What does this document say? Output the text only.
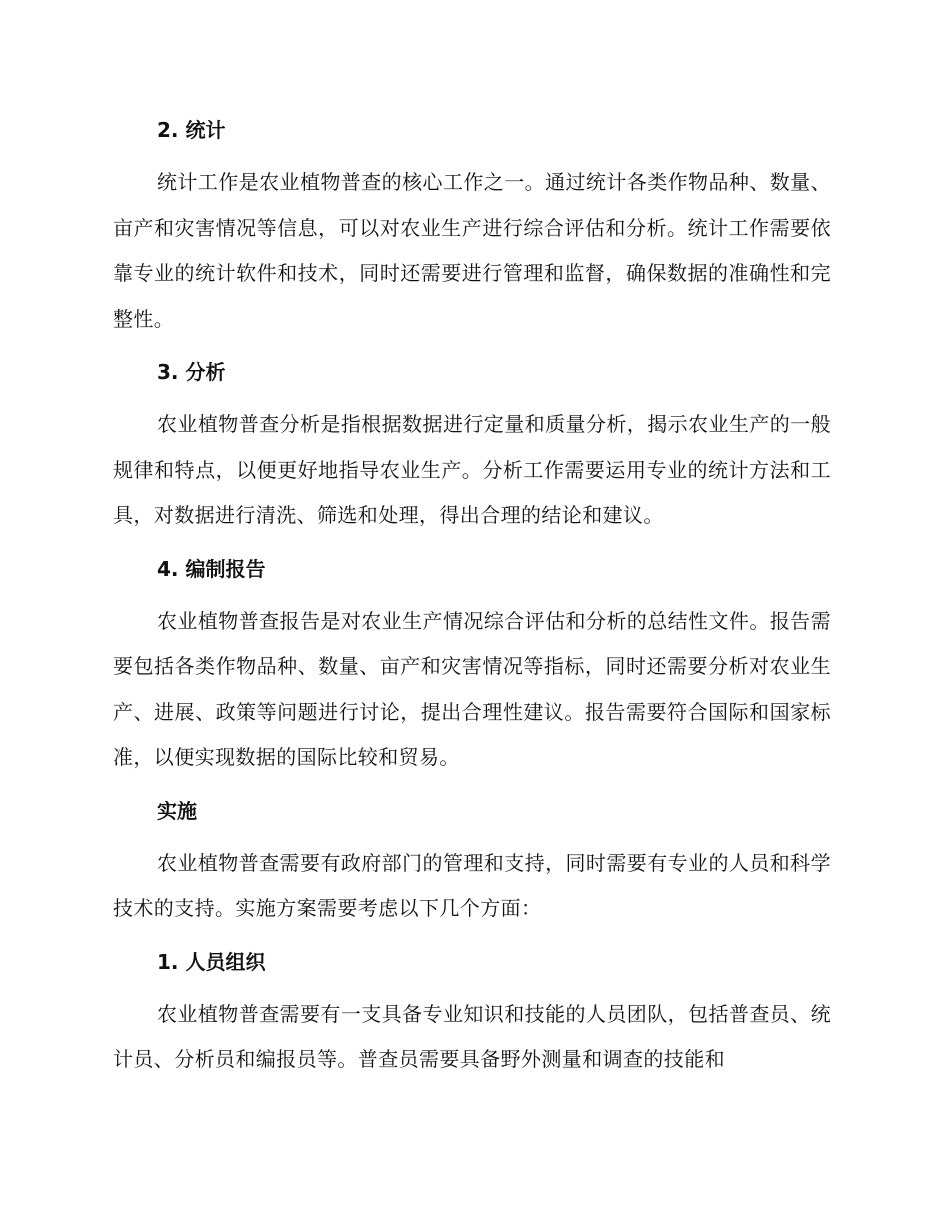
2. 统计

统计工作是农业植物普查的核心工作之一。通过统计各类作物品种、数量、亩产和灾害情况等信息，可以对农业生产进行综合评估和分析。统计工作需要依靠专业的统计软件和技术，同时还需要进行管理和监督，确保数据的准确性和完整性。

3. 分析

农业植物普查分析是指根据数据进行定量和质量分析，揭示农业生产的一般规律和特点，以便更好地指导农业生产。分析工作需要运用专业的统计方法和工具，对数据进行清洗、筛选和处理，得出合理的结论和建议。

4. 编制报告

农业植物普查报告是对农业生产情况综合评估和分析的总结性文件。报告需要包括各类作物品种、数量、亩产和灾害情况等指标，同时还需要分析对农业生产、进展、政策等问题进行讨论，提出合理性建议。报告需要符合国际和国家标准，以便实现数据的国际比较和贸易。

实施

农业植物普查需要有政府部门的管理和支持，同时需要有专业的人员和科学技术的支持。实施方案需要考虑以下几个方面：

1. 人员组织

农业植物普查需要有一支具备专业知识和技能的人员团队，包括普查员、统计员、分析员和编报员等。普查员需要具备野外测量和调查的技能和
